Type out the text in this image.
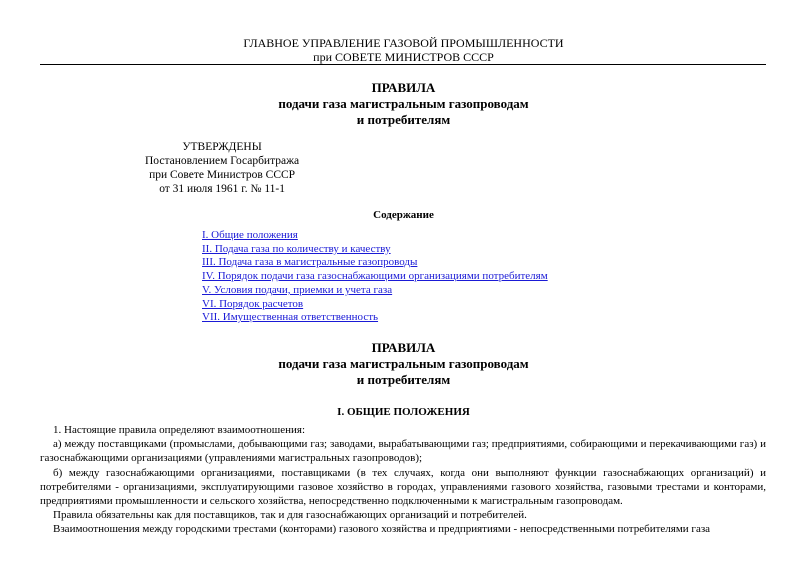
ГЛАВНОЕ УПРАВЛЕНИЕ ГАЗОВОЙ ПРОМЫШЛЕННОСТИ
при СОВЕТЕ МИНИСТРОВ СССР
ПРАВИЛА
подачи газа магистральным газопроводам
и потребителям
УТВЕРЖДЕНЫ
Постановлением Госарбитража
при Совете Министров СССР
от 31 июля 1961 г. № 11-1
Содержание
I. Общие положения
II. Подача газа по количеству и качеству
III. Подача газа в магистральные газопроводы
IV. Порядок подачи газа газоснабжающими организациями потребителям
V. Условия подачи, приемки и учета газа
VI. Порядок расчетов
VII. Имущественная ответственность
ПРАВИЛА
подачи газа магистральным газопроводам
и потребителям
I. ОБЩИЕ ПОЛОЖЕНИЯ

1. Настоящие правила определяют взаимоотношения:

а) между поставщиками (промыслами, добывающими газ; заводами, вырабатывающими газ; предприятиями, собирающими и перекачивающими газ) и газоснабжающими организациями (управлениями магистральных газопроводов);

б) между газоснабжающими организациями, поставщиками (в тех случаях, когда они выполняют функции газоснабжающих организаций) и потребителями - организациями, эксплуатирующими газовое хозяйство в городах, управлениями газового хозяйства, газовыми трестами и конторами, предприятиями промышленности и сельского хозяйства, непосредственно подключенными к магистральным газопроводам.

Правила обязательны как для поставщиков, так и для газоснабжающих организаций и потребителей.

Взаимоотношения между городскими трестами (конторами) газового хозяйства и предприятиями - непосредственными потребителями газа
